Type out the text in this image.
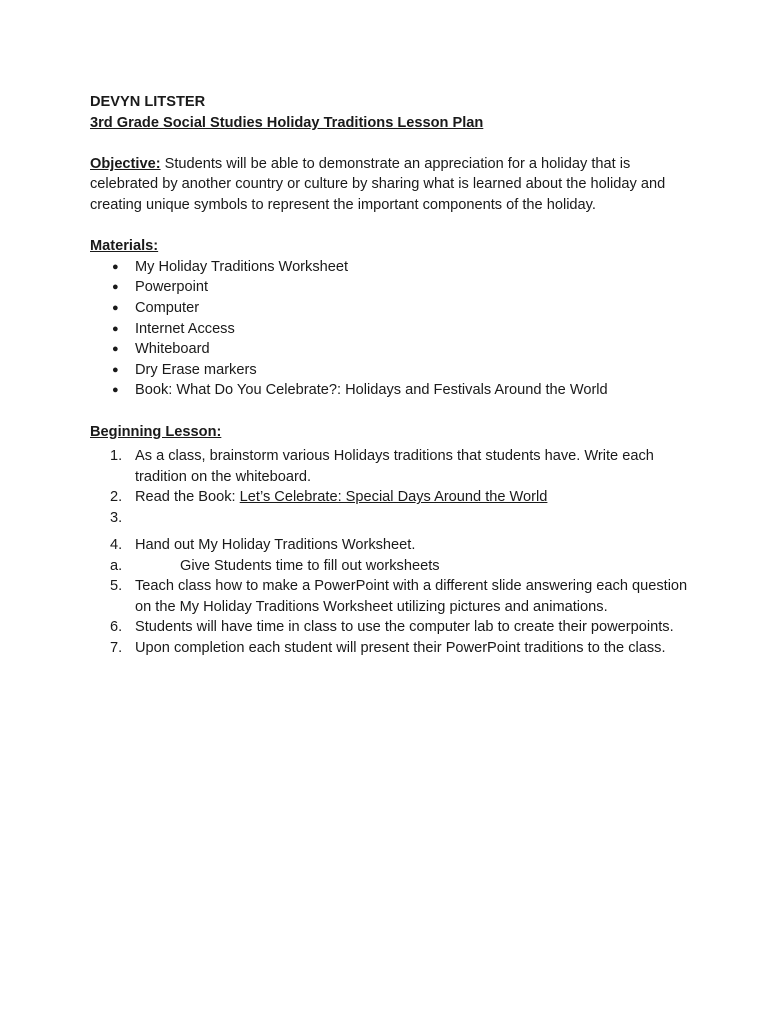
DEVYN LITSTER

3rd Grade Social Studies Holiday Traditions Lesson Plan

Objective: Students will be able to demonstrate an appreciation for a holiday that is celebrated by another country or culture by sharing what is learned about the holiday and creating unique symbols to represent the important components of the holiday.
Materials:
● My Holiday Traditions Worksheet
● Powerpoint
● Computer
● Internet Access
● Whiteboard
● Dry Erase markers
● Book: What Do You Celebrate?: Holidays and Festivals Around the World
Beginning Lesson:
1. As a class, brainstorm various Holidays traditions that students have. Write each tradition on the whiteboard.
2. Read the Book: Let’s Celebrate: Special Days Around the World
3.
4. Hand out My Holiday Traditions Worksheet.
a.	Give Students time to fill out worksheets
5. Teach class how to make a PowerPoint with a different slide answering each question on the My Holiday Traditions Worksheet utilizing pictures and animations.
6. Students will have time in class to use the computer lab to create their powerpoints.
7. Upon completion each student will present their PowerPoint traditions to the class.
